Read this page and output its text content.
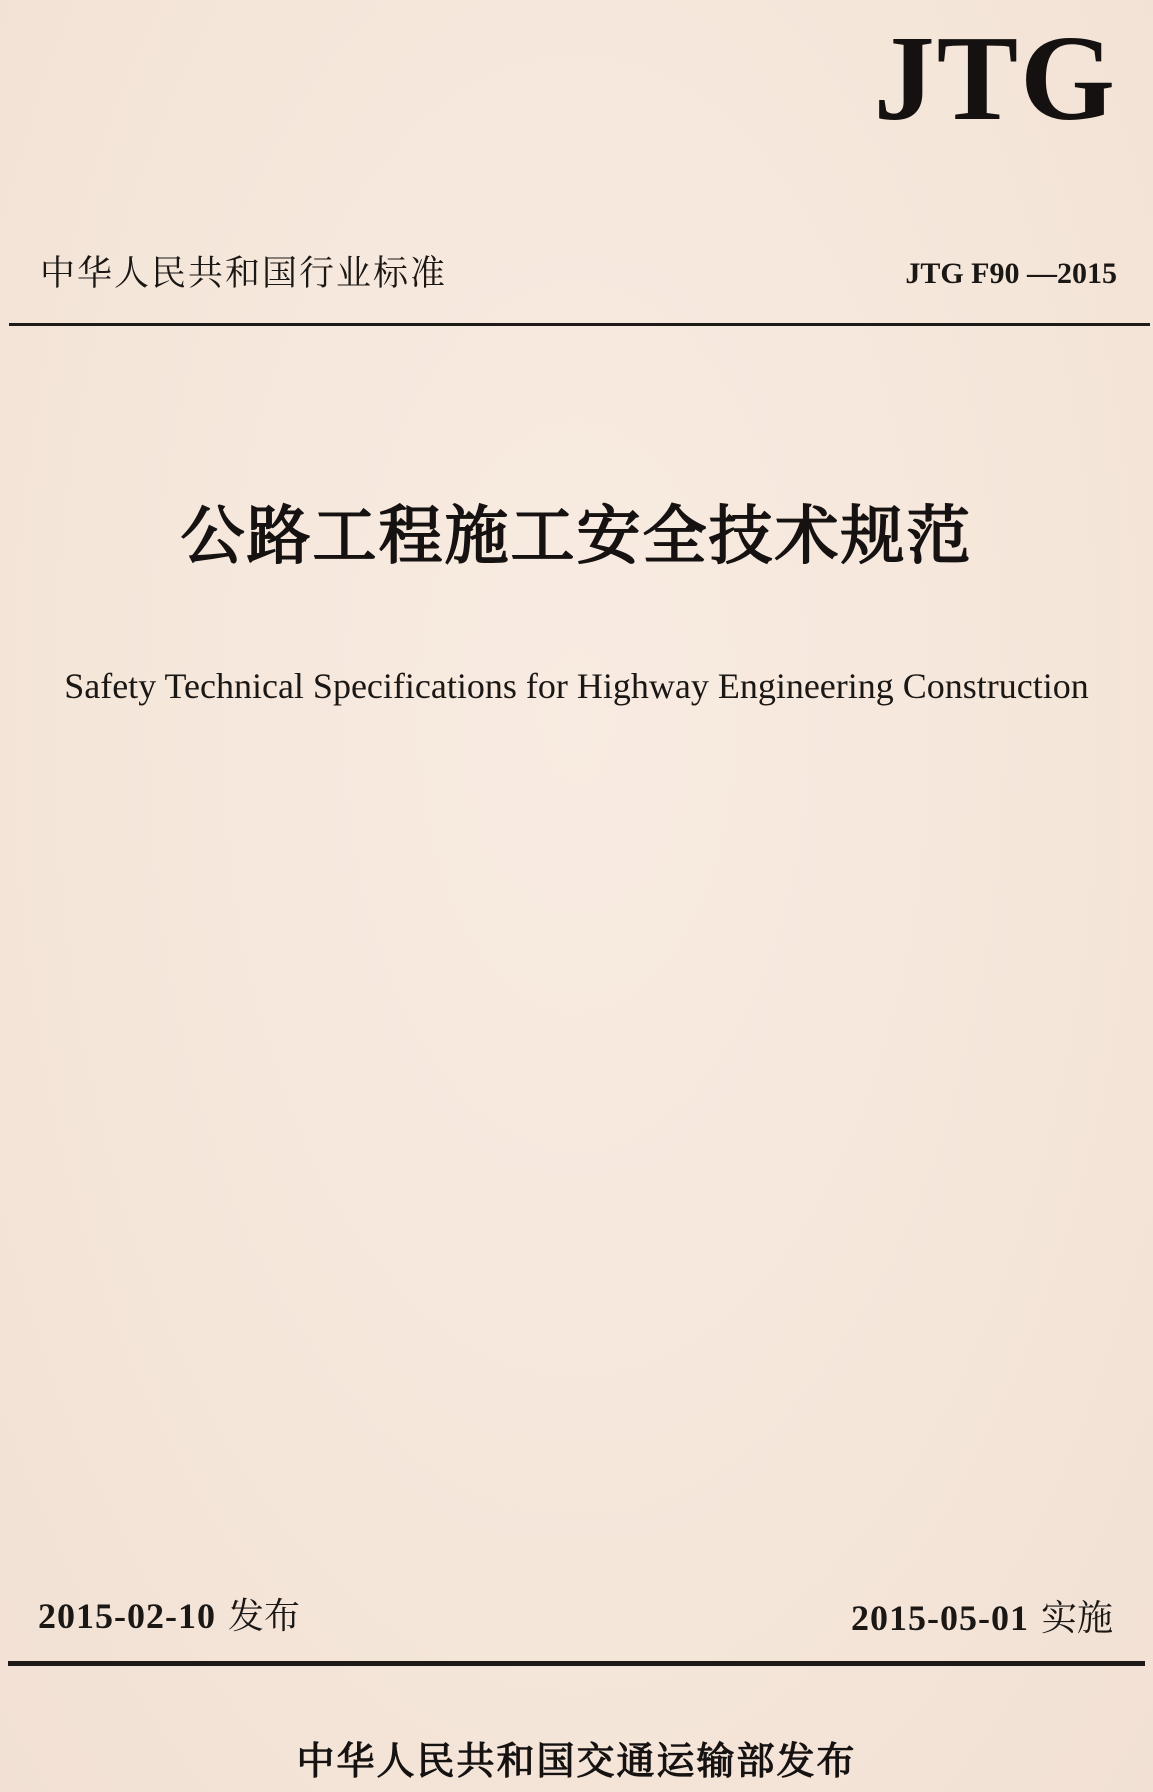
JTG
中华人民共和国行业标准	JTG F90 —2015
公路工程施工安全技术规范
Safety Technical Specifications for Highway Engineering Construction
2015-02-10 发布	2015-05-01 实施
中华人民共和国交通运输部发布
